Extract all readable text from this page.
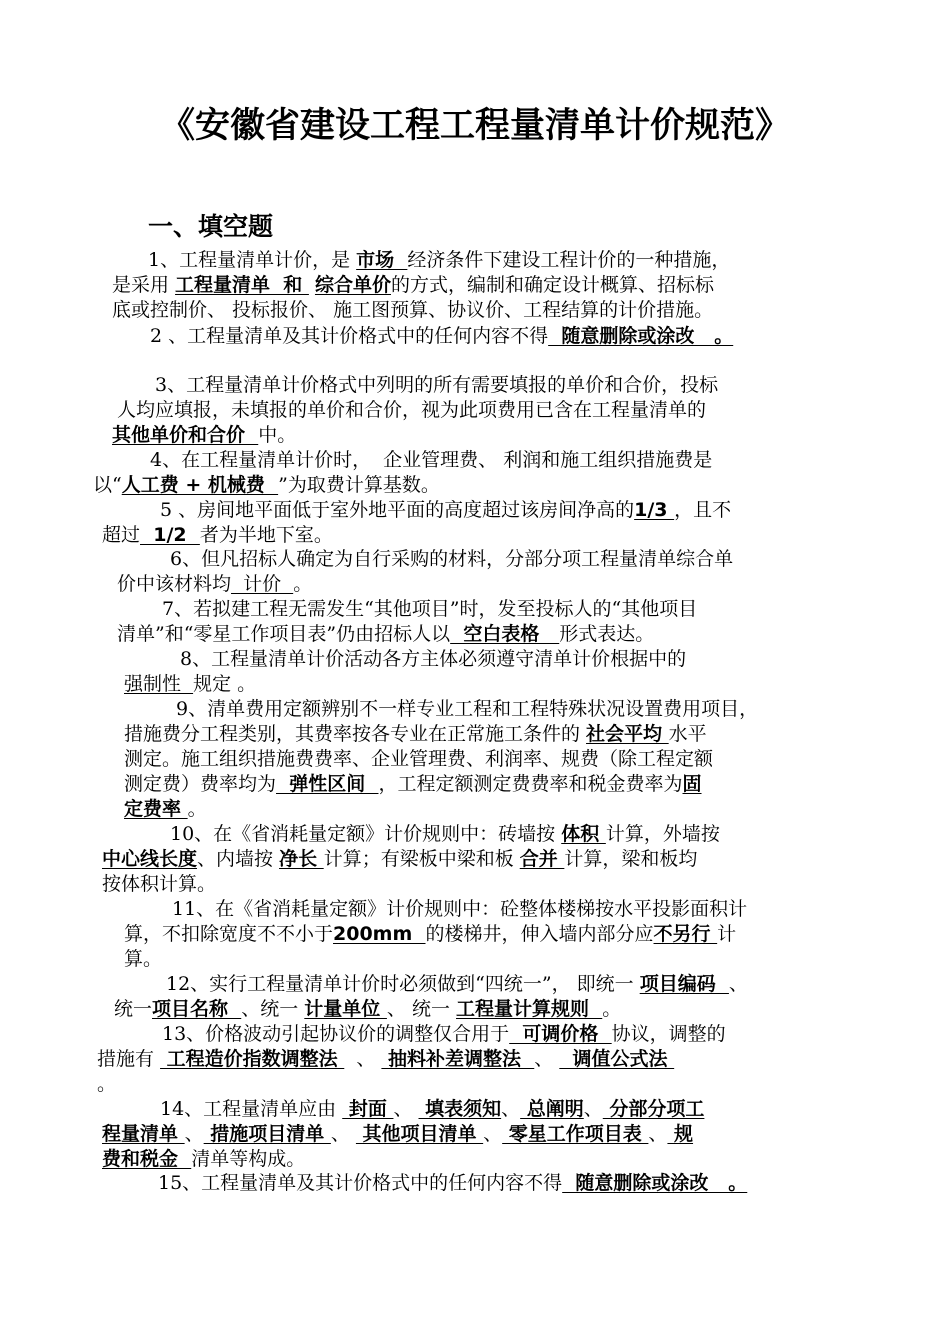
《安徽省建设工程工程量清单计价规范》
一、填空题
1、工程量清单计价，是 市场  经济条件下建设工程计价的一种措施，
是采用 工程量清单  和  综合单价的方式，编制和确定设计概算、招标标
底或控制价、 投标报价、 施工图预算、协议价、工程结算的计价措施。
2 、工程量清单及其计价格式中的任何内容不得  随意删除或涂改   。
3、工程量清单计价格式中列明的所有需要填报的单价和合价，投标
人均应填报，未填报的单价和合价，视为此项费用已含在工程量清单的
其他单价和合价  中。
4、在工程量清单计价时，  企业管理费、 利润和施工组织措施费是
以“人工费 + 机械费  ”为取费计算基数。
5 、房间地平面低于室外地平面的高度超过该房间净高的1/3 ，且不
超过  1/2  者为半地下室。
6、但凡招标人确定为自行采购的材料，分部分项工程量清单综合单
价中该材料均  计价  。
7、若拟建工程无需发生“其他项目”时，发至投标人的“其他项目
清单”和“零星工作项目表”仍由招标人以  空白表格   形式表达。
8、工程量清单计价活动各方主体必须遵守清单计价根据中的
强制性  规定 。
9、清单费用定额辨别不一样专业工程和工程特殊状况设置费用项目，
措施费分工程类别，其费率按各专业在正常施工条件的 社会平均 水平
测定。施工组织措施费费率、企业管理费、利润率、规费（除工程定额
测定费）费率均为  弹性区间  ，工程定额测定费费率和税金费率为固
定费率 。
10、在《省消耗量定额》计价规则中：砖墙按 体积 计算，外墙按
中心线长度、内墙按 净长 计算；有梁板中梁和板 合并 计算，梁和板均
按体积计算。
11、在《省消耗量定额》计价规则中：砼整体楼梯按水平投影面积计
算，不扣除宽度不不小于200mm  的楼梯井，伸入墙内部分应不另行 计
算。
12、实行工程量清单计价时必须做到“四统一”， 即统一 项目编码  、
统一项目名称  、统一 计量单位 、 统一 工程量计算规则  。
13、价格波动引起协议价的调整仅合用于  可调价格  协议，调整的
措施有  工程造价指数调整法   、  抽料补差调整法  、   调值公式法
。
14、工程量清单应由  封面 、  填表须知、 总阐明、 分部分项工
程量清单 、 措施项目清单 、  其他项目清单 、 零星工作项目表 、 规
费和税金  清单等构成。
15、工程量清单及其计价格式中的任何内容不得  随意删除或涂改   。
